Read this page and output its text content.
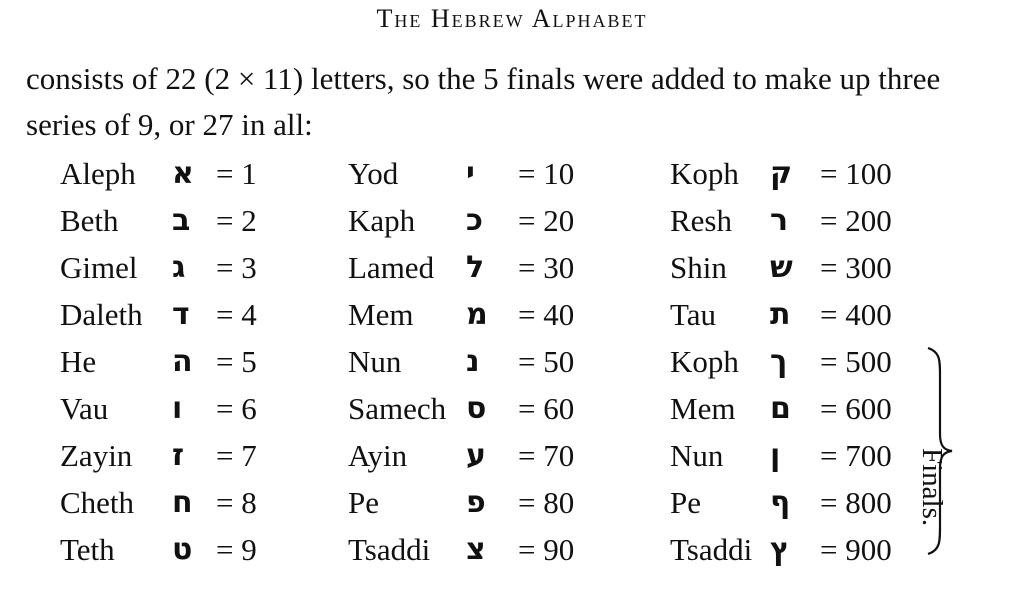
The Hebrew Alphabet
consists of 22 (2 × 11) letters, so the 5 finals were added to make up three series of 9, or 27 in all:
Aleph א = 1
Beth ב = 2
Gimel ג = 3
Daleth ד = 4
He	ה = 5
Vau ו = 6
Zayin ז = 7
Cheth ח = 8
Teth ט = 9
Yod י = 10
Kaph כ = 20
Lamed ל = 30
Mem מ = 40
Nun נ = 50
Samech ס = 60
Ayin ע = 70
Pe	פ = 80
Tsaddi צ = 90
Koph ק = 100
Resh ר = 200
Shin ש = 300
Tau ת = 400
Koph ך = 500
Mem ם = 600
Nun ן = 700
Pe ף = 800
Tsaddi ץ = 900
Finals.
